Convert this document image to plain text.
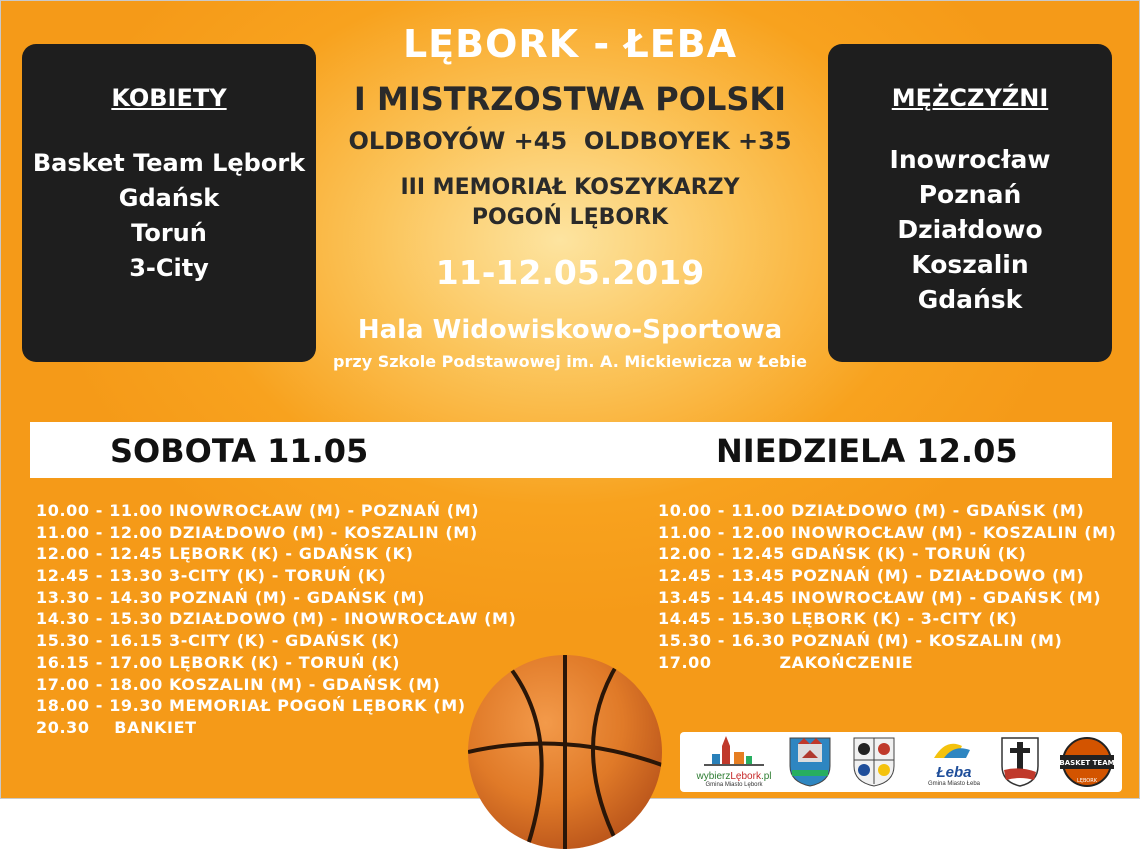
KOBIETY
Basket Team Lębork
Gdańsk
Toruń
3-City
MĘŻCZYŹNI
Inowrocław
Poznań
Działdowo
Koszalin
Gdańsk
LĘBORK - ŁEBA
I MISTRZOSTWA POLSKI
OLDBOYÓW +45  OLDBOYEK +35
III MEMORIAŁ KOSZYKARZY
POGOŃ LĘBORK
11-12.05.2019
Hala Widowiskowo-Sportowa
przy Szkole Podstawowej im. A. Mickiewicza w Łebie
SOBOTA 11.05	NIEDZIELA 12.05
10.00 - 11.00 INOWROCŁAW (M) - POZNAŃ (M)
11.00 - 12.00 DZIAŁDOWO (M) - KOSZALIN (M)
12.00 - 12.45 LĘBORK (K) - GDAŃSK (K)
12.45 - 13.30 3-CITY (K) - TORUŃ (K)
13.30 - 14.30 POZNAŃ (M) - GDAŃSK (M)
14.30 - 15.30 DZIAŁDOWO (M) - INOWROCŁAW (M)
15.30 - 16.15 3-CITY (K) - GDAŃSK (K)
16.15 - 17.00 LĘBORK (K) - TORUŃ (K)
17.00 - 18.00 KOSZALIN (M) - GDAŃSK (M)
18.00 - 19.30 MEMORIAŁ POGOŃ LĘBORK (M)
20.30    BANKIET
10.00 - 11.00 DZIAŁDOWO (M) - GDAŃSK (M)
11.00 - 12.00 INOWROCŁAW (M) - KOSZALIN (M)
12.00 - 12.45 GDAŃSK (K) - TORUŃ (K)
12.45 - 13.45 POZNAŃ (M) - DZIAŁDOWO (M)
13.45 - 14.45 INOWROCŁAW (M) - GDAŃSK (M)
14.45 - 15.30 LĘBORK (K) - 3-CITY (K)
15.30 - 16.30 POZNAŃ (M) - KOSZALIN (M)
17.00           ZAKOŃCZENIE
wybierzLębork.pl
Gmina Miasto Lębork
Łeba
Gmina Miasto Łeba
BASKET TEAM
LĘBORK
